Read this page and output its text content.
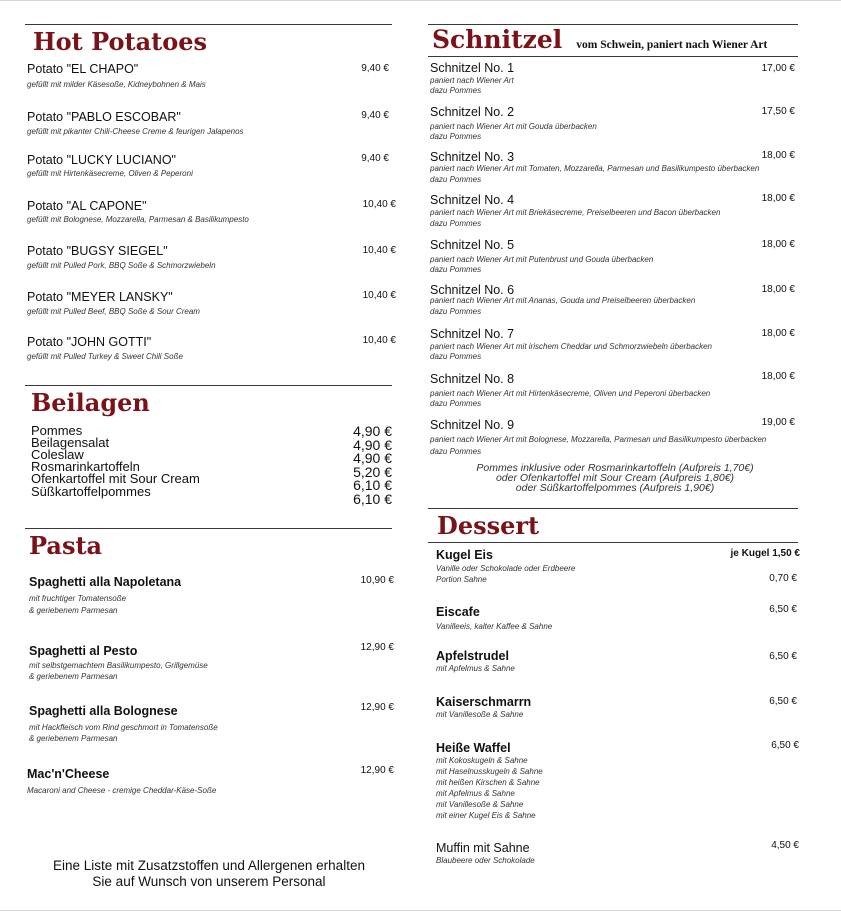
Hot Potatoes
Potato "EL CHAPO"
gefüllt mit milder Käsesoße, Kidneybohnen & Mais
9,40 €
Potato "PABLO ESCOBAR"
gefüllt mit pikanter Chili-Cheese Creme & feurigen Jalapenos
9,40 €
Potato "LUCKY LUCIANO"
gefüllt mit Hirtenkäsecreme, Oliven & Peperoni
9,40 €
Potato "AL CAPONE"
gefüllt mit Bolognese, Mozzarella, Parmesan & Basilikumpesto
10,40 €
Potato "BUGSY SIEGEL"
gefüllt mit Pulled Pork, BBQ Soße & Schmorzwiebeln
10,40 €
Potato "MEYER LANSKY"
gefüllt mit Pulled Beef, BBQ Soße & Sour Cream
10,40 €
Potato "JOHN GOTTI"
gefüllt mit Pulled Turkey & Sweet Chili Soße
10,40 €
Beilagen
Pommes
Beilagensalat
Coleslaw
Rosmarinkartoffeln
Ofenkartoffel mit Sour Cream
Süßkartoffelpommes
4,90 €
4,90 €
4,90 €
5,20 €
6,10 €
6,10 €
Pasta
Spaghetti alla Napoletana
mit fruchtiger Tomatensoße
& geriebenem Parmesan
10,90 €
Spaghetti al Pesto
mit selbstgemachtem Basilikumpesto, Grillgemüse
& geriebenem Parmesan
12,90 €
Spaghetti alla Bolognese
mit Hackfleisch vom Rind geschmort in Tomatensoße
& geriebenem Parmesan
12,90 €
Mac'n'Cheese
Macaroni and Cheese - cremige Cheddar-Käse-Soße
12,90 €
Eine Liste mit Zusatzstoffen und Allergenen erhalten
Sie auf Wunsch von unserem Personal
Schnitzel vom Schwein, paniert nach Wiener Art
Schnitzel No. 1
paniert nach Wiener Art
dazu Pommes
17,00 €
Schnitzel No. 2
paniert nach Wiener Art mit Gouda überbacken
dazu Pommes
17,50 €
Schnitzel No. 3
paniert nach Wiener Art mit Tomaten, Mozzarella, Parmesan und Basilikumpesto überbacken
dazu Pommes
18,00 €
Schnitzel No. 4
paniert nach Wiener Art mit Briekäsecreme, Preiselbeeren und Bacon überbacken
dazu Pommes
18,00 €
Schnitzel No. 5
paniert nach Wiener Art mit Putenbrust und Gouda überbacken
dazu Pommes
18,00 €
Schnitzel No. 6
paniert nach Wiener Art mit Ananas, Gouda und Preiselbeeren überbacken
dazu Pommes
18,00 €
Schnitzel No. 7
paniert nach Wiener Art mit irischem Cheddar und Schmorzwiebeln überbacken
dazu Pommes
18,00 €
Schnitzel No. 8
paniert nach Wiener Art mit Hirtenkäsecreme, Oliven und Peperoni überbacken
dazu Pommes
18,00 €
Schnitzel No. 9
paniert nach Wiener Art mit Bolognese, Mozzarella, Parmesan und Basilikumpesto überbacken
dazu Pommes
19,00 €
Pommes inklusive oder Rosmarinkartoffeln (Aufpreis 1,70€)
oder Ofenkartoffel mit Sour Cream (Aufpreis 1,80€)
oder Süßkartoffelpommes (Aufpreis 1,90€)
Dessert
Kugel Eis
Vanille oder Schokolade oder Erdbeere
Portion Sahne
je Kugel 1,50 €
0,70 €
Eiscafe
Vanilleeis, kalter Kaffee & Sahne
6,50 €
Apfelstrudel
mit Apfelmus & Sahne
6,50 €
Kaiserschmarrn
mit Vanillesoße & Sahne
6,50 €
Heiße Waffel
mit Kokoskugeln & Sahne
mit Haselnusskugeln & Sahne
mit heißen Kirschen & Sahne
mit Apfelmus & Sahne
mit Vanillesoße & Sahne
mit einer Kugel Eis & Sahne
6,50 €
Muffin mit Sahne
Blaubeere oder Schokolade
4,50 €
